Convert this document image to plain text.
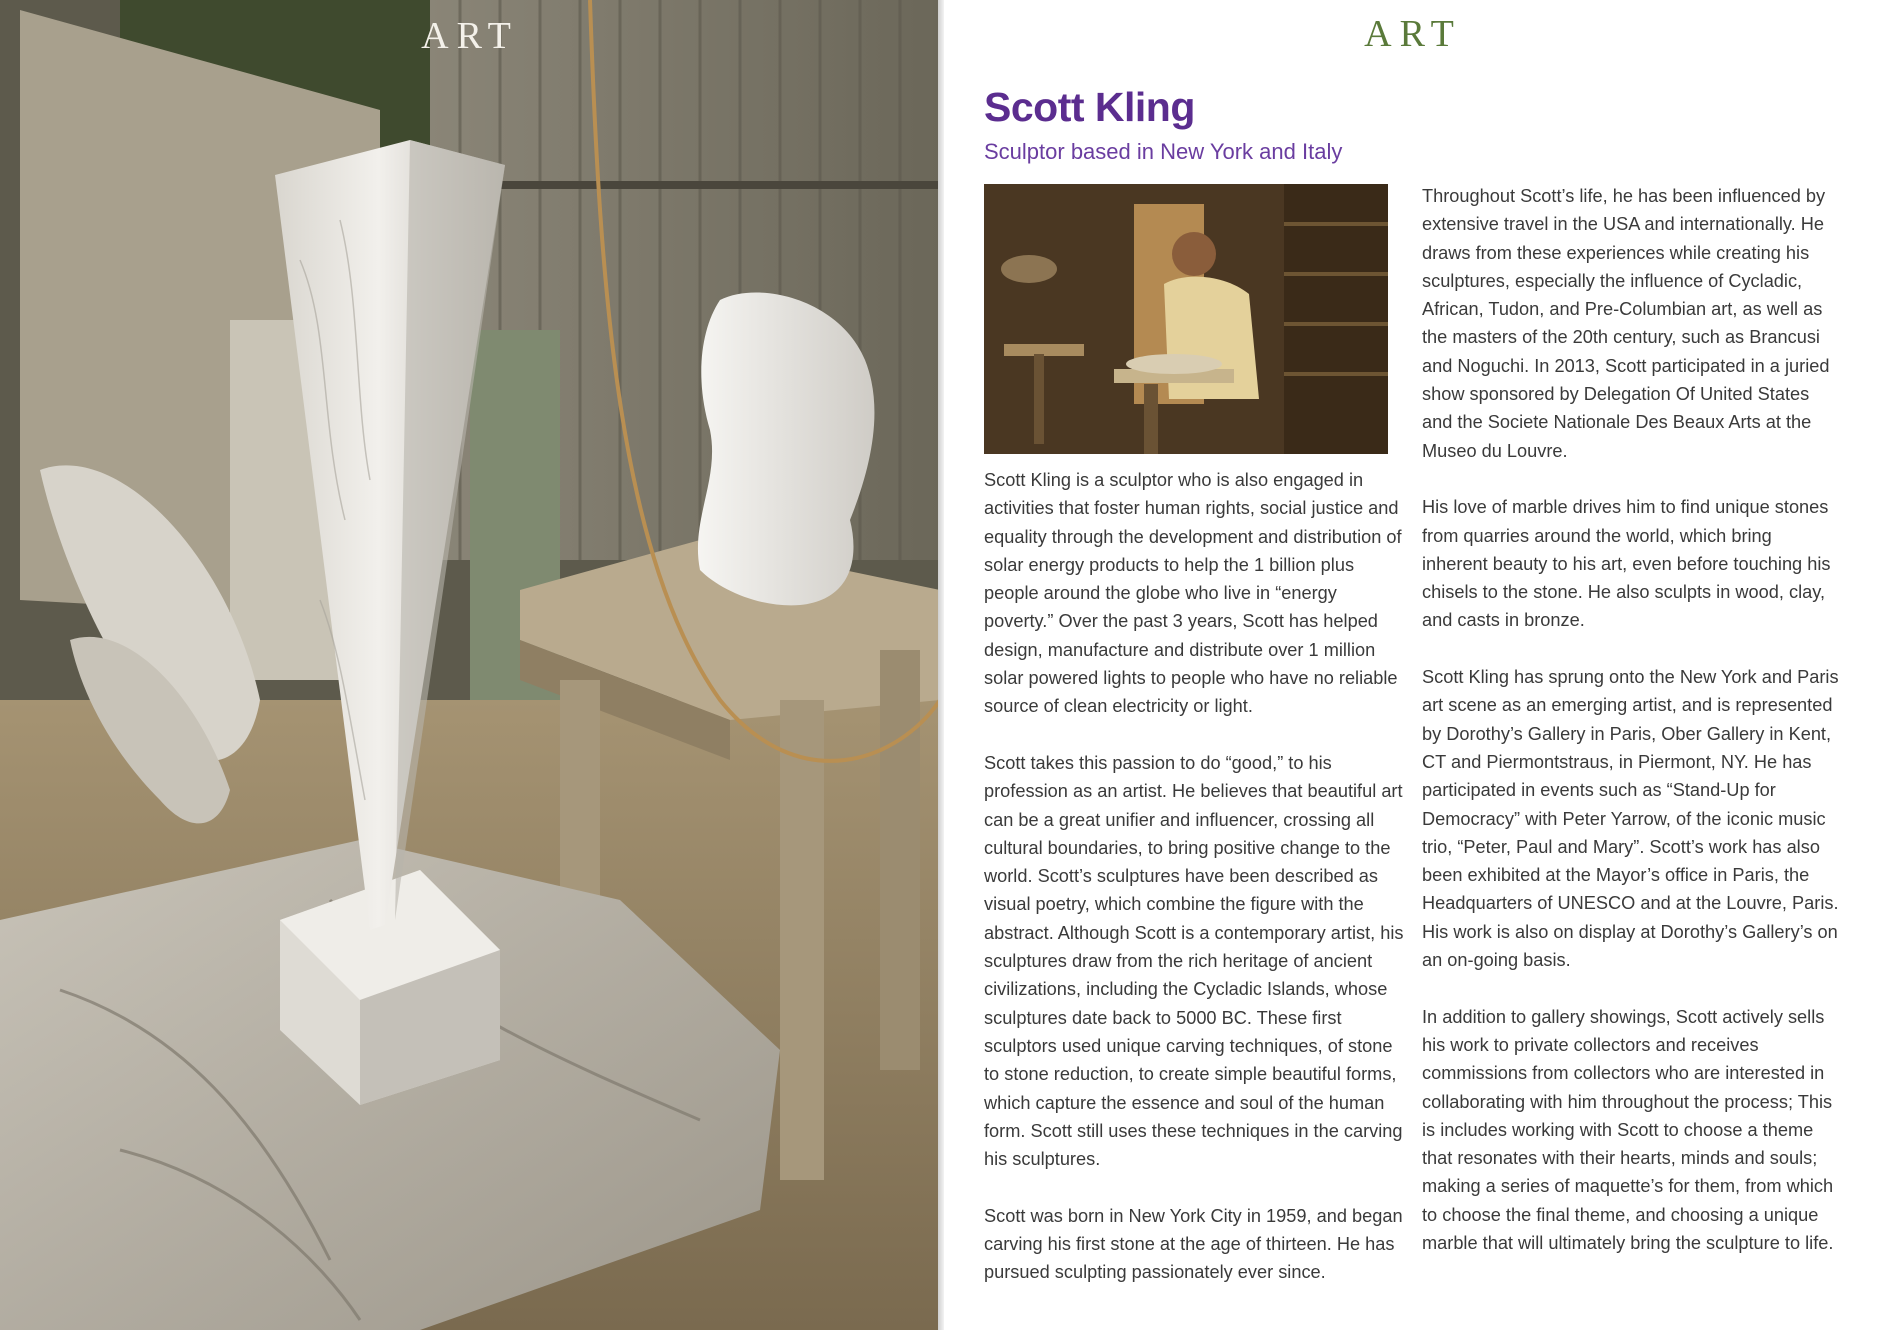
ART	ART
Scott Kling
Sculptor based in New York and Italy

Scott Kling is a sculptor who is also engaged in activities that foster human rights, social justice and equality through the development and distribution of solar energy products to help the 1 billion plus people around the globe who live in “energy poverty.” Over the past 3 years, Scott has helped design, manufacture and distribute over 1 million solar powered lights to people who have no reliable source of clean electricity or light.

Scott takes this passion to do “good,” to his profession as an artist. He believes that beautiful art can be a great unifier and influencer, crossing all cultural boundaries, to bring positive change to the world. Scott’s sculptures have been described as visual poetry, which combine the figure with the abstract. Although Scott is a contemporary artist, his sculptures draw from the rich heritage of ancient civilizations, including the Cycladic Islands, whose sculptures date back to 5000 BC. These first sculptors used unique carving techniques, of stone to stone reduction, to create simple beautiful forms, which capture the essence and soul of the human form. Scott still uses these techniques in the carving his sculptures.

Scott was born in New York City in 1959, and began carving his first stone at the age of thirteen. He has pursued sculpting passionately ever since.

Throughout Scott’s life, he has been influenced by extensive travel in the USA and internationally. He draws from these experiences while creating his sculptures, especially the influence of Cycladic, African, Tudon, and Pre-Columbian art, as well as the masters of the 20th century, such as Brancusi and Noguchi. In 2013, Scott participated in a juried show sponsored by Delegation Of United States and the Societe Nationale Des Beaux Arts at the Museo du Louvre.

His love of marble drives him to find unique stones from quarries around the world, which bring inherent beauty to his art, even before touching his chisels to the stone. He also sculpts in wood, clay, and casts in bronze.

Scott Kling has sprung onto the New York and Paris art scene as an emerging artist, and is represented by Dorothy’s Gallery in Paris, Ober Gallery in Kent, CT and Piermontstraus, in Piermont, NY. He has participated in events such as “Stand-Up for Democracy” with Peter Yarrow, of the iconic music trio, “Peter, Paul and Mary”. Scott’s work has also been exhibited at the Mayor’s office in Paris, the Headquarters of UNESCO and at the Louvre, Paris. His work is also on display at Dorothy’s Gallery’s on an on-going basis.

In addition to gallery showings, Scott actively sells his work to private collectors and receives commissions from collectors who are interested in collaborating with him throughout the process; This is includes working with Scott to choose a theme that resonates with their hearts, minds and souls; making a series of maquette’s for them, from which to choose the final theme, and choosing a unique marble that will ultimately bring the sculpture to life.
